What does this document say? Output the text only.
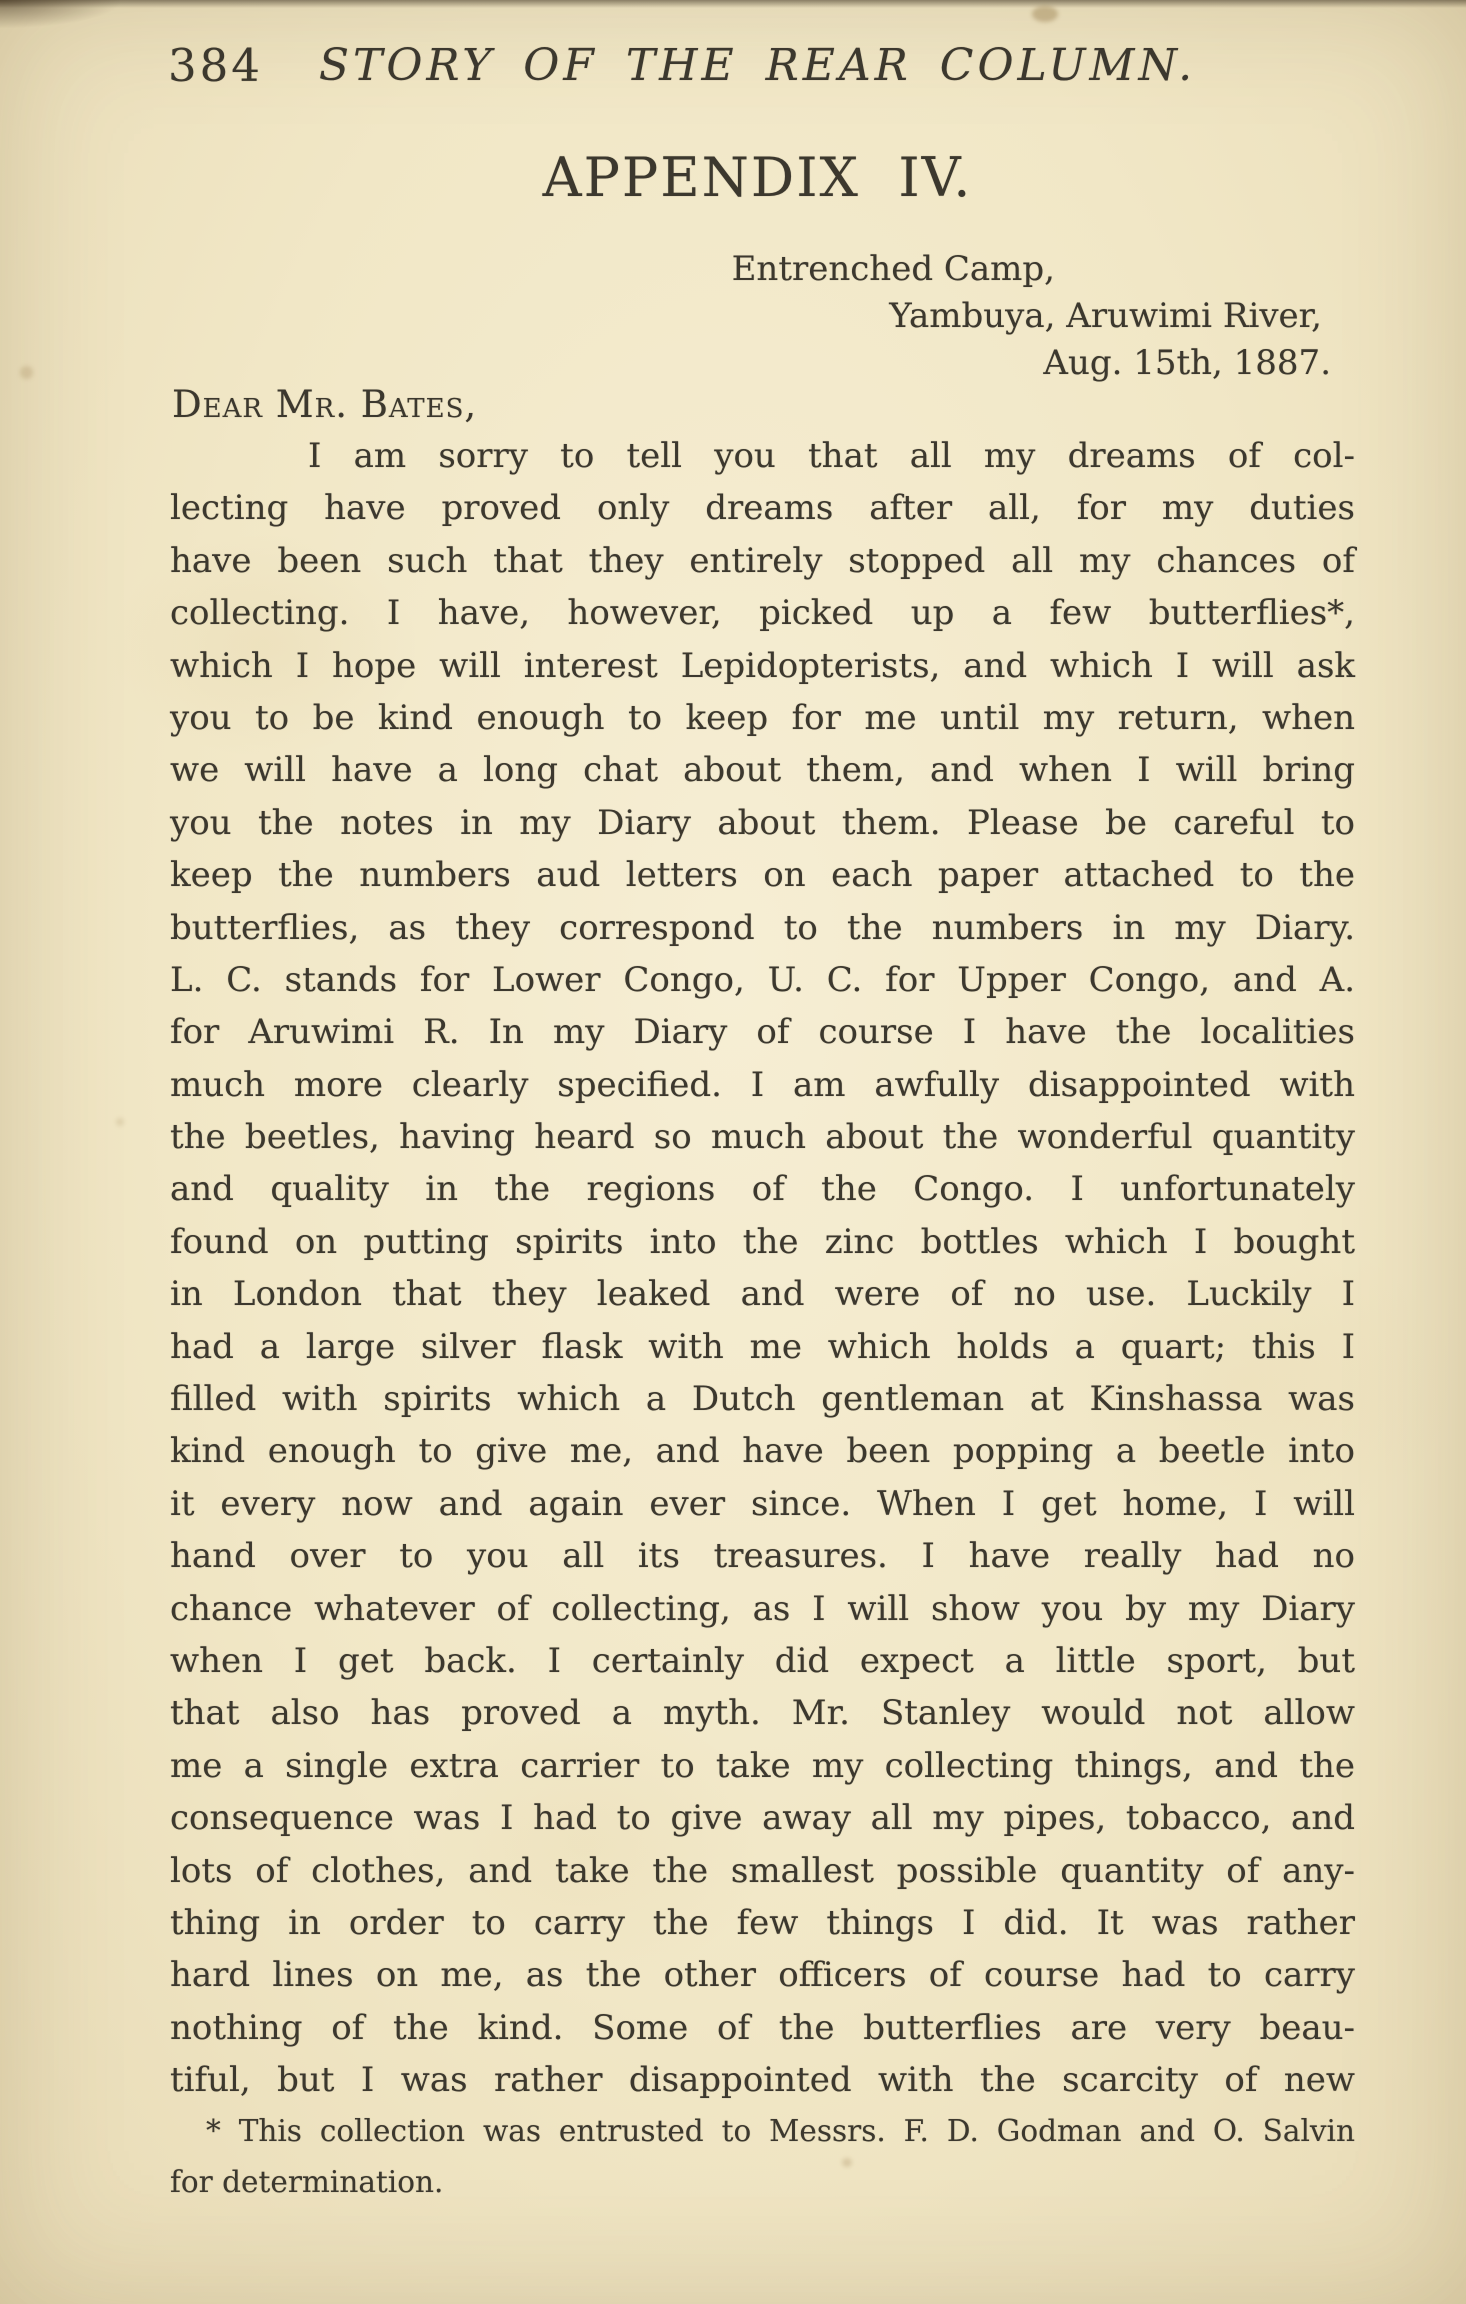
384	STORY OF THE REAR COLUMN.
APPENDIX  IV.
Entrenched Camp,
Yambuya, Aruwimi River,
Aug. 15th, 1887.
Dear Mr. Bates,
I am sorry to tell you that all my dreams of col-
lecting have proved only dreams after all, for my duties
have been such that they entirely stopped all my chances of
collecting. I have, however, picked up a few butterflies*,
which I hope will interest Lepidopterists, and which I will ask
you to be kind enough to keep for me until my return, when
we will have a long chat about them, and when I will bring
you the notes in my Diary about them. Please be careful to
keep the numbers aud letters on each paper attached to the
butterflies, as they correspond to the numbers in my Diary.
L. C. stands for Lower Congo, U. C. for Upper Congo, and A.
for Aruwimi R. In my Diary of course I have the localities
much more clearly specified. I am awfully disappointed with
the beetles, having heard so much about the wonderful quantity
and quality in the regions of the Congo. I unfortunately
found on putting spirits into the zinc bottles which I bought
in London that they leaked and were of no use. Luckily I
had a large silver flask with me which holds a quart; this I
filled with spirits which a Dutch gentleman at Kinshassa was
kind enough to give me, and have been popping a beetle into
it every now and again ever since. When I get home, I will
hand over to you all its treasures. I have really had no
chance whatever of collecting, as I will show you by my Diary
when I get back. I certainly did expect a little sport, but
that also has proved a myth. Mr. Stanley would not allow
me a single extra carrier to take my collecting things, and the
consequence was I had to give away all my pipes, tobacco, and
lots of clothes, and take the smallest possible quantity of any-
thing in order to carry the few things I did. It was rather
hard lines on me, as the other officers of course had to carry
nothing of the kind. Some of the butterflies are very beau-
tiful, but I was rather disappointed with the scarcity of new
* This collection was entrusted to Messrs. F. D. Godman and O. Salvin
for determination.
